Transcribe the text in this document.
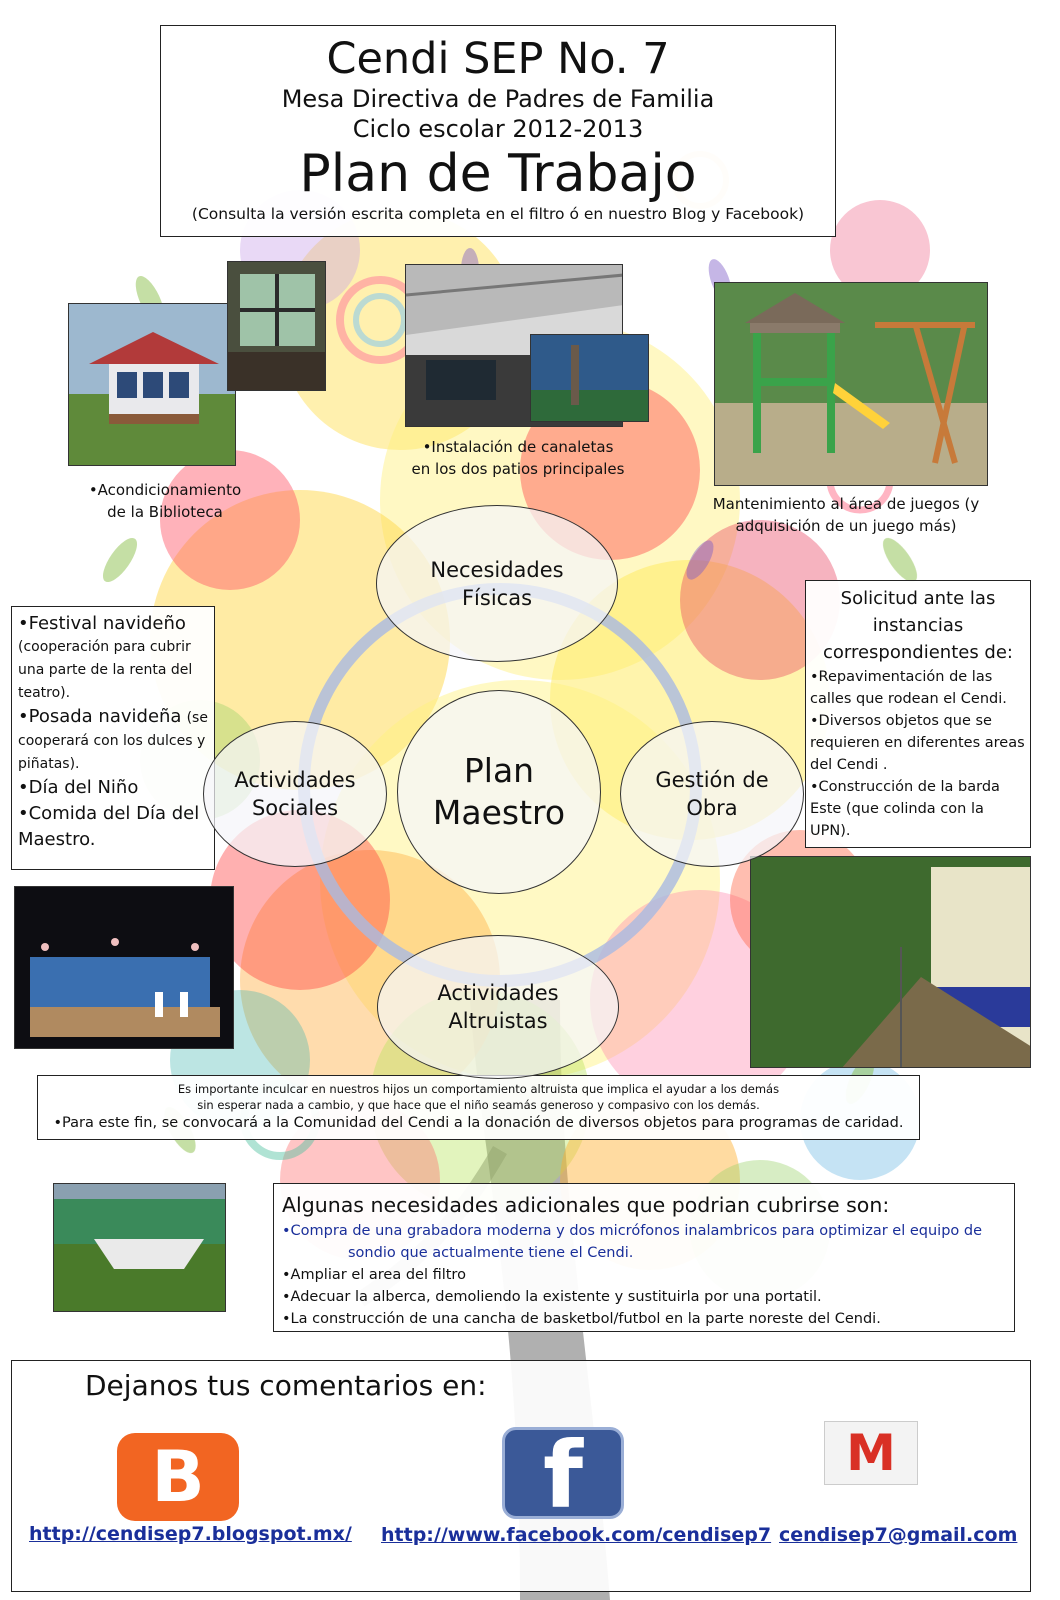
Cendi SEP No. 7
Mesa Directiva de Padres de Familia
Ciclo escolar 2012-2013
Plan de Trabajo
(Consulta la versión escrita completa en el filtro ó en nuestro Blog y Facebook)
•Acondicionamiento
de la Biblioteca
•Instalación de canaletas
en los dos patios principales
Mantenimiento al área de juegos (y
adquisición de un juego más)
Plan
Maestro
Necesidades
Físicas
Actividades
Sociales
Gestión de
Obra
Actividades
Altruistas
•Festival navideño (cooperación para cubrir una parte de la renta del teatro).
•Posada navideña (se cooperará con los dulces y piñatas).
•Día del Niño
•Comida del Día del Maestro.
Solicitud ante las instancias correspondientes de:
•Repavimentación de las calles que rodean el Cendi.
•Diversos objetos que se requieren en diferentes areas del Cendi .
•Construcción de la barda Este (que colinda con la UPN).
Es importante inculcar en nuestros hijos un comportamiento altruista que implica el ayudar a los demás
sin esperar nada a cambio, y que hace que el niño seamás generoso y compasivo con los demás.
•Para este fin, se convocará a la Comunidad del Cendi a la donación de diversos objetos para programas de caridad.
Algunas necesidades adicionales que podrian cubrirse son:
•Compra de una grabadora moderna y dos micrófonos inalambricos para optimizar el equipo de
sondio que actualmente tiene el Cendi.
•Ampliar el area del filtro
•Adecuar la alberca, demoliendo la existente y sustituirla por una portatil.
•La construcción de una cancha de basketbol/futbol en la parte noreste del Cendi.
Dejanos tus comentarios en:
B	f	M
http://cendisep7.blogspot.mx/ http://www.facebook.com/cendisep7 cendisep7@gmail.com
